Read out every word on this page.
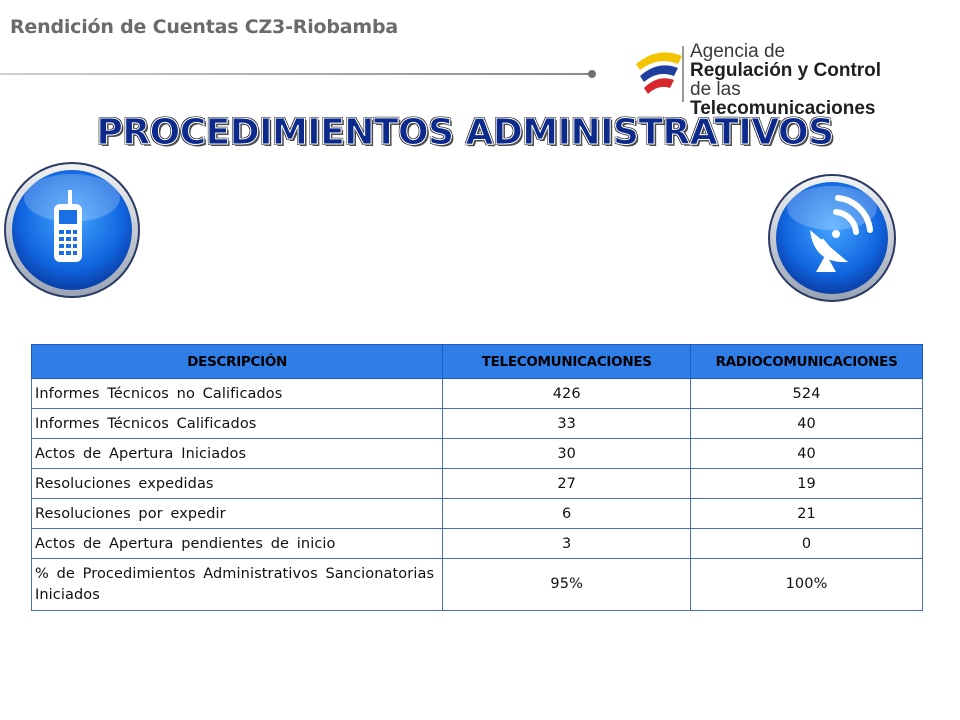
Rendición de Cuentas CZ3-Riobamba
Agencia de
Regulación y Control
de las Telecomunicaciones
PROCEDIMIENTOS ADMINISTRATIVOS
DESCRIPCIÓN	TELECOMUNICACIONES	RADIOCOMUNICACIONES
Informes Técnicos no Calificados	426	524
Informes Técnicos Calificados	33	40
Actos de Apertura Iniciados	30	40
Resoluciones expedidas	27	19
Resoluciones por expedir	6	21
Actos de Apertura pendientes de inicio	3	0
% de Procedimientos Administrativos Sancionatorias Iniciados	95%	100%
